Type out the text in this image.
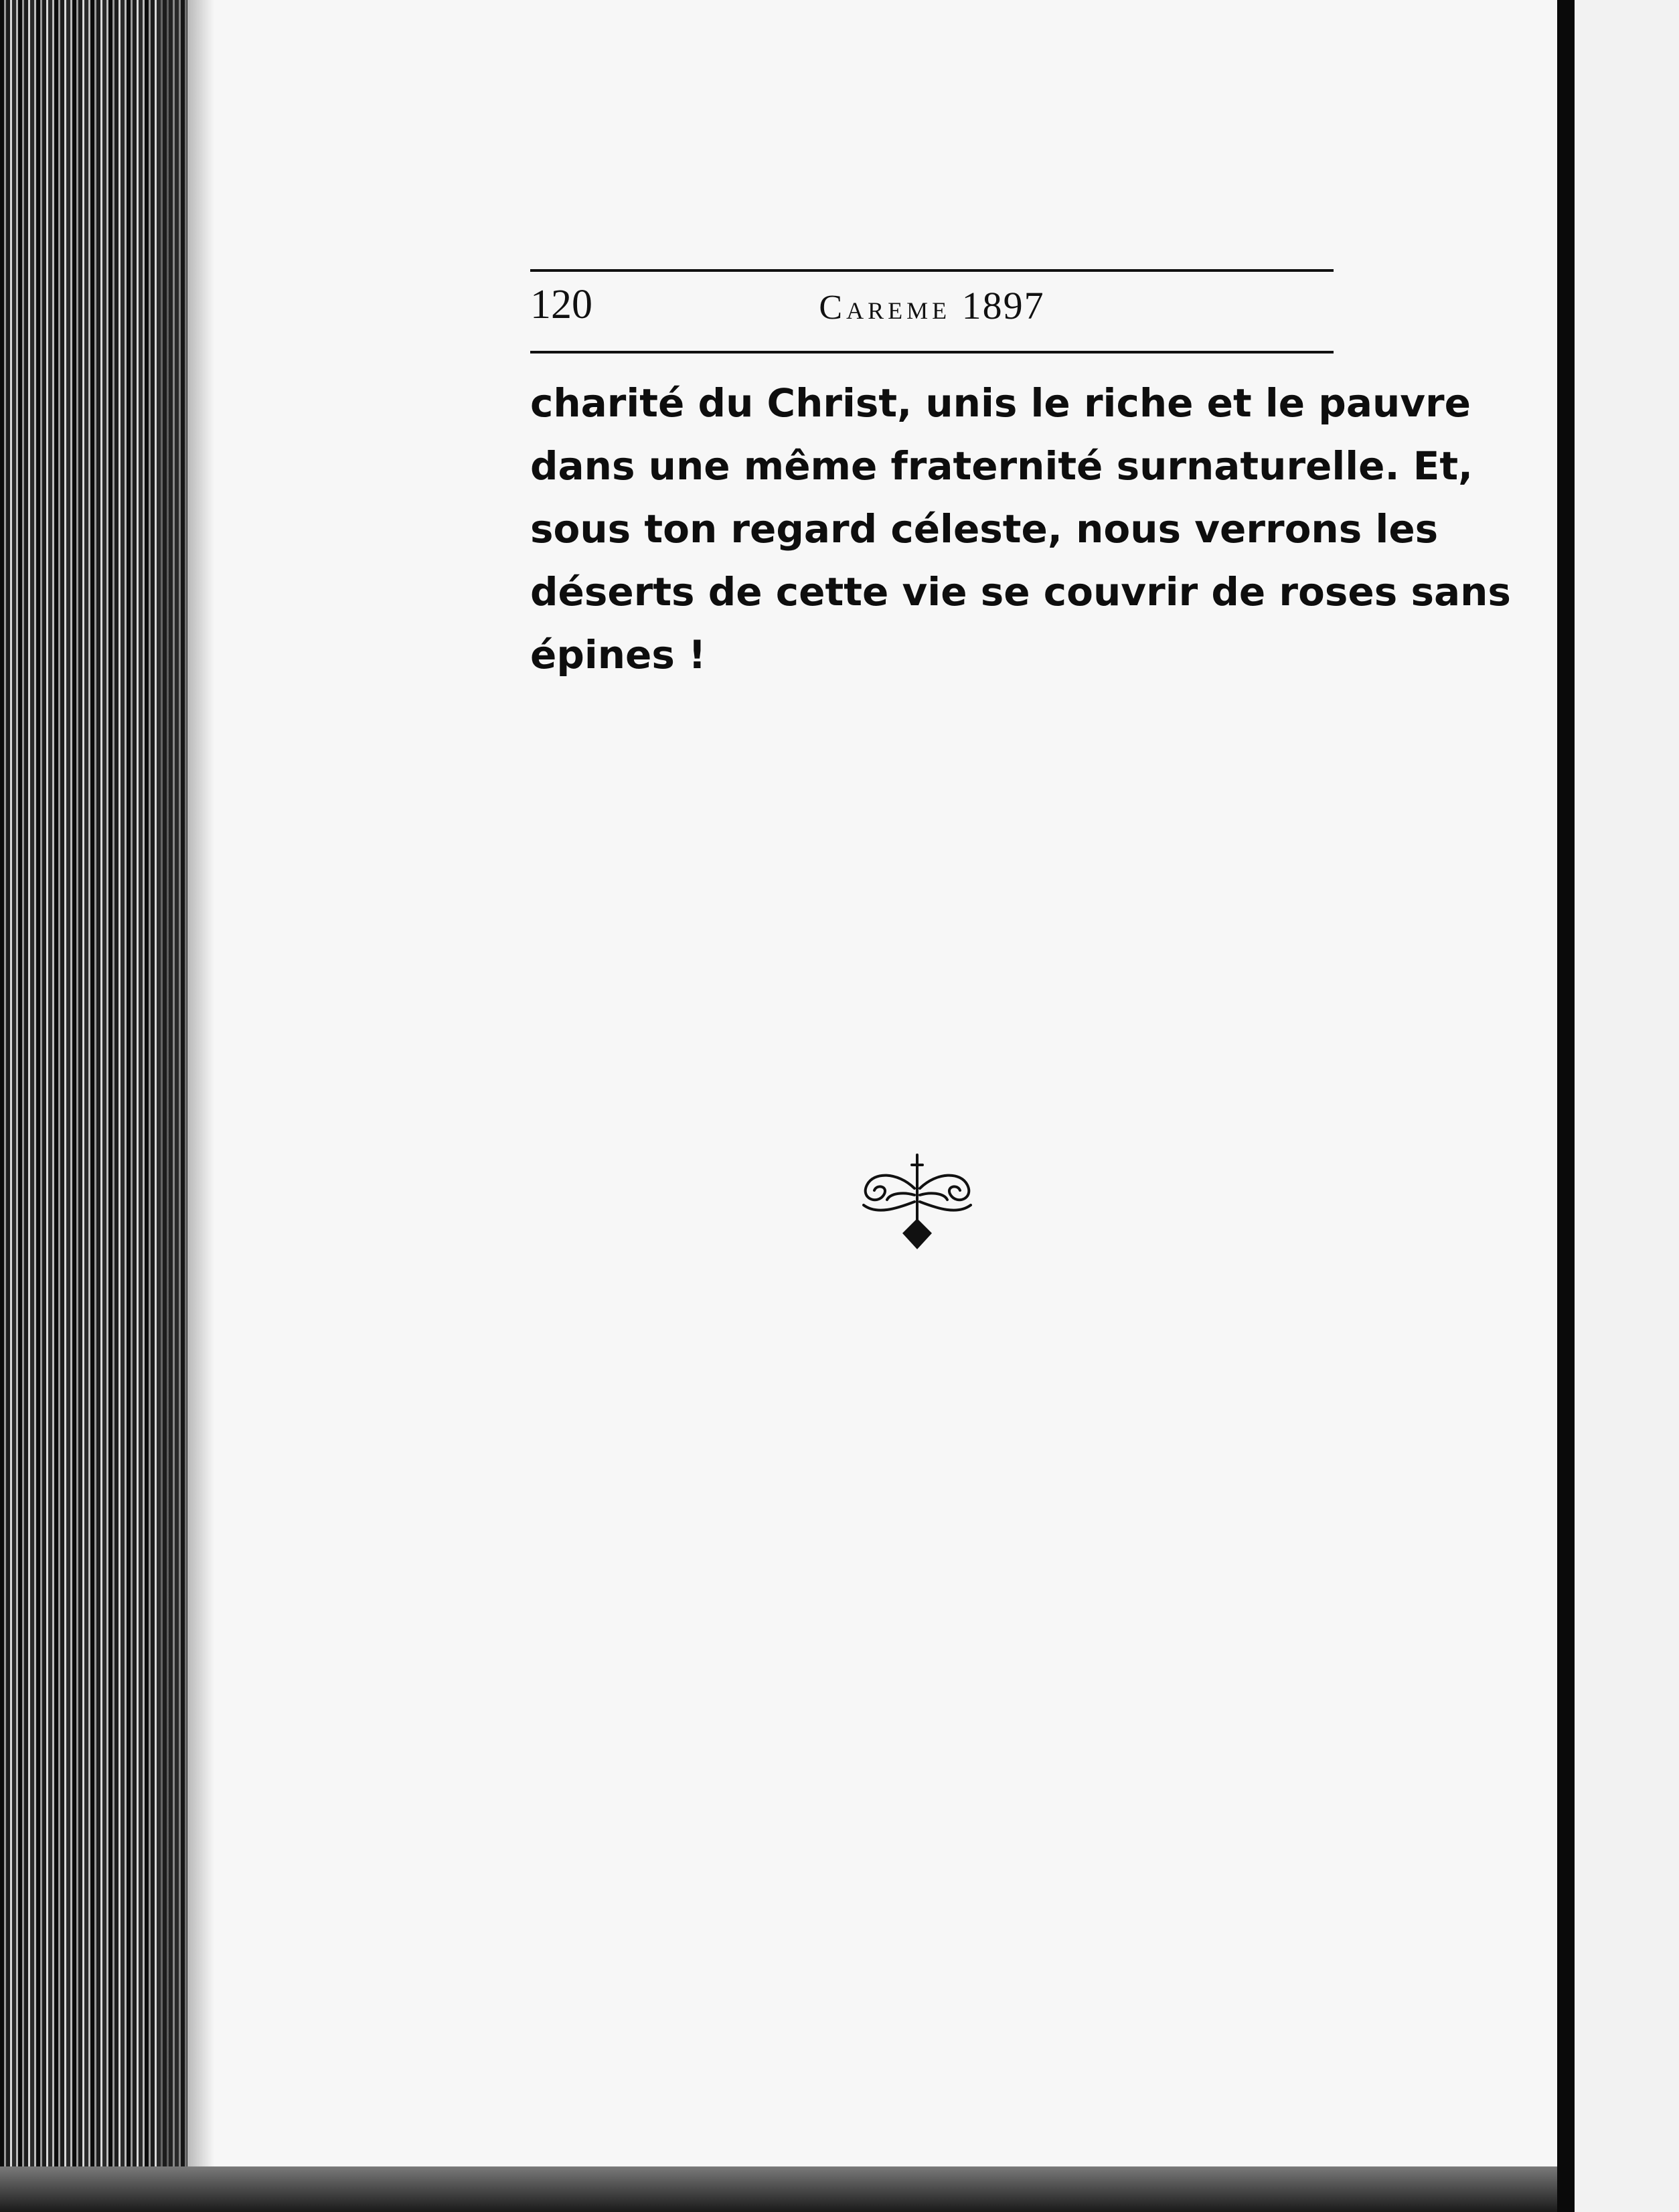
120	Careme 1897
charité du Christ, unis le riche et le pauvre
dans une même fraternité surnaturelle. Et,
sous ton regard céleste, nous verrons les
déserts de cette vie se couvrir de roses sans
épines !
